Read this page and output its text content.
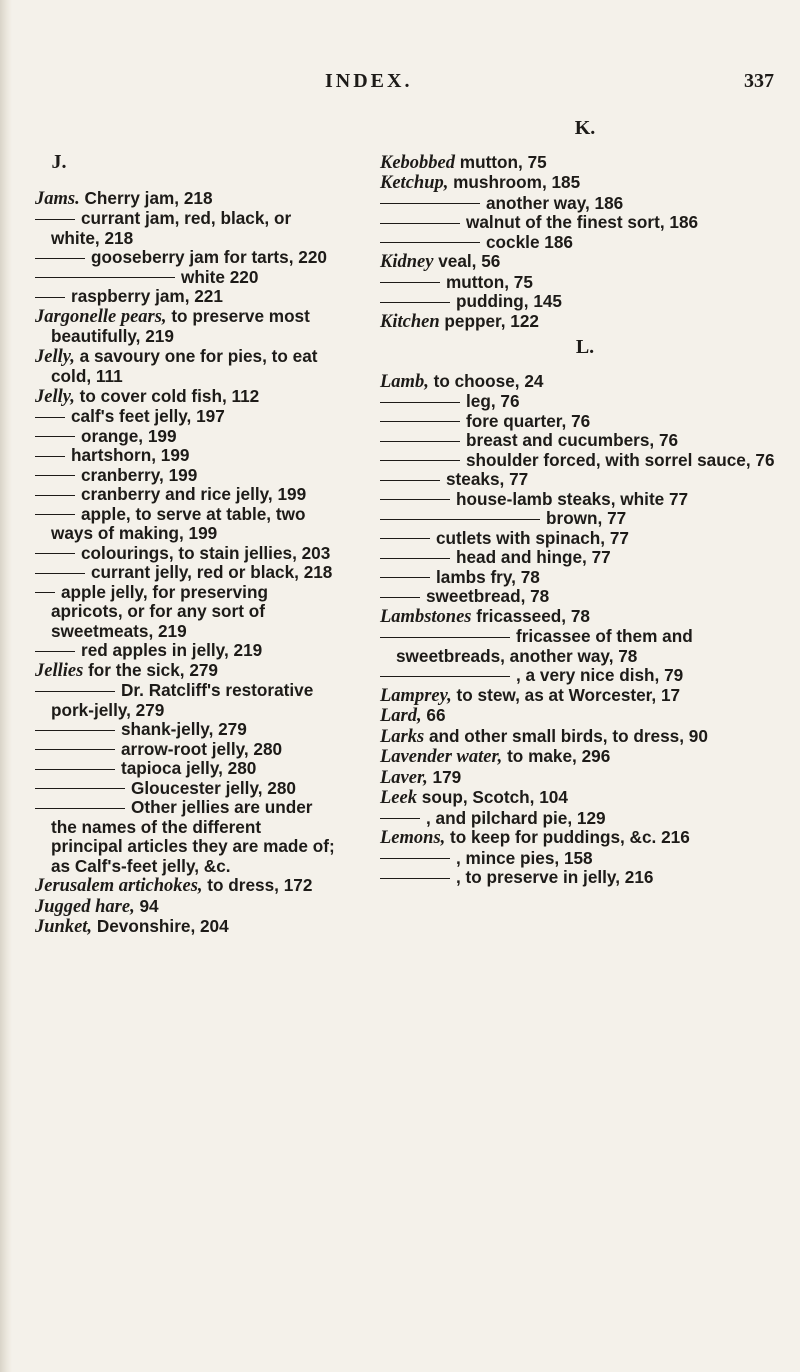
INDEX.	337
J.

Jams. Cherry jam, 218

currant jam, red, black, or white, 218

gooseberry jam for tarts, 220

white 220

raspberry jam, 221

Jargonelle pears, to preserve most beautifully, 219

Jelly, a savoury one for pies, to eat cold, 111

Jelly, to cover cold fish, 112

calf's feet jelly, 197

orange, 199

hartshorn, 199

cranberry, 199

cranberry and rice jelly, 199

apple, to serve at table, two ways of making, 199

colourings, to stain jellies, 203

currant jelly, red or black, 218

apple jelly, for preserving apricots, or for any sort of sweetmeats, 219

red apples in jelly, 219

Jellies for the sick, 279

Dr. Ratcliff's restorative pork-jelly, 279

shank-jelly, 279

arrow-root jelly, 280

tapioca jelly, 280

Gloucester jelly, 280

Other jellies are under the names of the different principal articles they are made of; as Calf's-feet jelly, &c.

Jerusalem artichokes, to dress, 172

Jugged hare, 94

Junket, Devonshire, 204

K.

Kebobbed mutton, 75

Ketchup, mushroom, 185

another way, 186

walnut of the finest sort, 186

cockle 186

Kidney veal, 56

mutton, 75

pudding, 145

Kitchen pepper, 122

L.

Lamb, to choose, 24

leg, 76

fore quarter, 76

breast and cucumbers, 76

shoulder forced, with sorrel sauce, 76

steaks, 77

house-lamb steaks, white 77

brown, 77

cutlets with spinach, 77

head and hinge, 77

lambs fry, 78

sweetbread, 78

Lambstones fricasseed, 78

fricassee of them and sweetbreads, another way, 78

, a very nice dish, 79

Lamprey, to stew, as at Worcester, 17

Lard, 66

Larks and other small birds, to dress, 90

Lavender water, to make, 296

Laver, 179

Leek soup, Scotch, 104

, and pilchard pie, 129

Lemons, to keep for puddings, &c. 216

, mince pies, 158

, to preserve in jelly, 216
